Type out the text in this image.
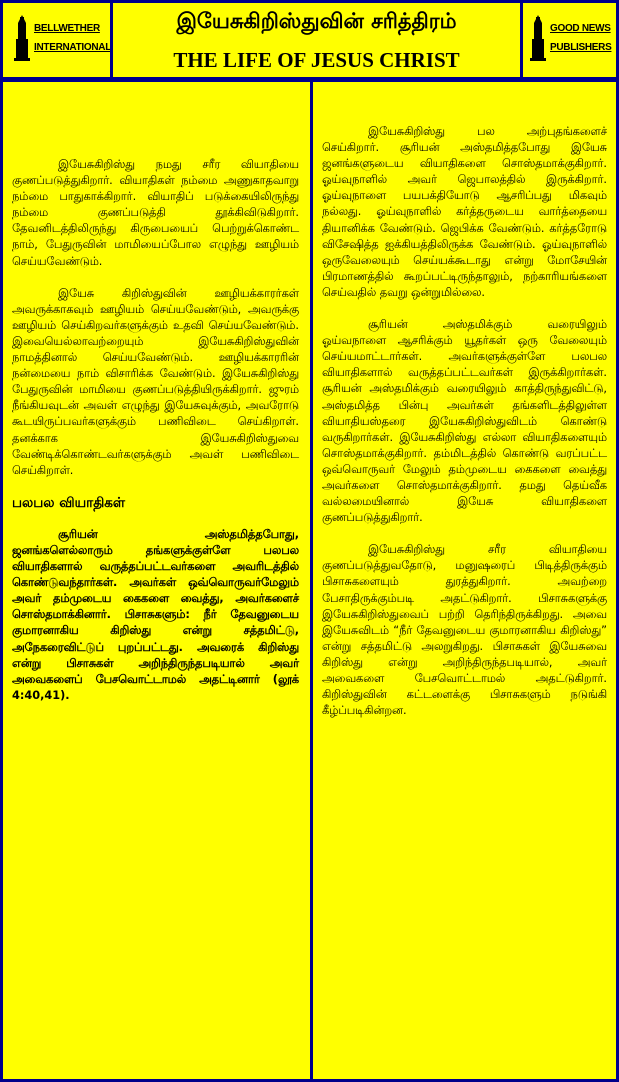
BELLWETHER
INTERNATIONAL
இயேசுகிறிஸ்துவின் சரித்திரம்
THE LIFE OF JESUS CHRIST
GOOD NEWS
PUBLISHERS

இயேசுகிறிஸ்து நமது சரீர வியாதியை குணப்படுத்துகிறார். வியாதிகள் நம்மை அணுகாதவாறு நம்மை பாதுகாக்கிறார். வியாதிப் படுக்கையிலிருந்து நம்மை குணப்படுத்தி தூக்கிவிடுகிறார். தேவனிடத்திலிருந்து கிருபையைப் பெற்றுக்கொண்ட நாம், பேதுருவின் மாமியைப்போல எழுந்து ஊழியம் செய்யவேண்டும்.

இயேசு கிறிஸ்துவின் ஊழியக்காரர்கள் அவருக்காகவும் ஊழியம் செய்யவேண்டும், அவருக்கு ஊழியம் செய்கிறவர்களுக்கும் உதவி செய்யவேண்டும். இவையெல்லாவற்றையும் இயேசுகிறிஸ்துவின் நாமத்தினால் செய்யவேண்டும். ஊழியக்காரரின் நன்மையை நாம் விசாரிக்க வேண்டும். இயேசுகிறிஸ்து பேதுருவின் மாமியை குணப்படுத்தியிருக்கிறார். ஜுரம் நீங்கியவுடன் அவள் எழுந்து இயேசுவுக்கும், அவரோடு கூடயிருப்பவர்களுக்கும் பணிவிடை செய்கிறாள். தனக்காக இயேசுகிறிஸ்துவை வேண்டிக்கொண்டவர்களுக்கும் அவள் பணிவிடை செய்கிறாள்.

பலபல வியாதிகள்

சூரியன் அஸ்தமித்தபோது, ஜனங்களெல்லாரும் தங்களுக்குள்ளே பலபல வியாதிகளால் வருத்தப்பட்டவர்களை அவரிடத்தில் கொண்டுவந்தார்கள். அவர்கள் ஒவ்வொருவர்மேலும் அவர் தம்முடைய கைகளை வைத்து, அவர்களைச் சொஸ்தமாக்கினார். பிசாசுகளும்: நீர் தேவனுடைய குமாரனாகிய கிறிஸ்து என்று சத்தமிட்டு, அநேகரைவிட்டுப் புறப்பட்டது. அவரைக் கிறிஸ்து என்று பிசாசுகள் அறிந்திருந்தபடியால் அவர் அவைகளைப் பேசவொட்டாமல் அதட்டினார் (லூக் 4:40,41).

இயேசுகிறிஸ்து பல அற்புதங்களைச் செய்கிறார். சூரியன் அஸ்தமித்தபோது இயேசு ஜனங்களுடைய வியாதிகளை சொஸ்தமாக்குகிறார். ஓய்வுநாளில் அவர் ஜெபாலத்தில் இருக்கிறார். ஓய்வுநாளை பயபக்தியோடு ஆசரிப்பது மிகவும் நல்லது. ஓய்வுநாளில் கர்த்தருடைய வார்த்தையை தியானிக்க வேண்டும். ஜெபிக்க வேண்டும். கர்த்தரோடு விசேஷித்த ஐக்கியத்திலிருக்க வேண்டும். ஓய்வுநாளில் ஒருவேலையும் செய்யக்கூடாது என்று மோசேயின் பிரமாணத்தில் கூறப்பட்டிருந்தாலும், நற்காரியங்களை செய்வதில் தவறு ஒன்றுமில்லை.

சூரியன் அஸ்தமிக்கும் வரையிலும் ஓய்வநாளை ஆசரிக்கும் யூதர்கள் ஒரு வேலையும் செய்யமாட்டார்கள். அவர்களுக்குள்ளே பலபல வியாதிகளால் வருத்தப்பட்டவர்கள் இருக்கிறார்கள். சூரியன் அஸ்தமிக்கும் வரையிலும் காத்திருந்துவிட்டு, அஸ்தமித்த பின்பு அவர்கள் தங்களிடத்திலுள்ள வியாதியஸ்தரை இயேசுகிறிஸ்துவிடம் கொண்டு வருகிறார்கள். இயேசுகிறிஸ்து எல்லா வியாதிகளையும் சொஸ்தமாக்குகிறார். தம்மிடத்தில் கொண்டு வரப்பட்ட ஒவ்வொருவர் மேலும் தம்முடைய கைகளை வைத்து அவர்களை சொஸ்தமாக்குகிறார். தமது தெய்வீக வல்லமையினால் இயேசு வியாதிகளை குணப்படுத்துகிறார்.

இயேசுகிறிஸ்து சரீர வியாதியை குணப்படுத்துவதோடு, மனுஷரைப் பிடித்திருக்கும் பிசாசுகளையும் துரத்துகிறார். அவற்றை பேசாதிருக்கும்படி அதட்டுகிறார். பிசாசுகளுக்கு இயேசுகிறிஸ்துவைப் பற்றி தெரிந்திருக்கிறது. அவை இயேசுவிடம் “நீர் தேவனுடைய குமாரனாகிய கிறிஸ்து” என்று சத்தமிட்டு அலறுகிறது. பிசாசுகள் இயேசுவை கிறிஸ்து என்று அறிந்திருந்தபடியால், அவர் அவைகளை பேசவொட்டாமல் அதட்டுகிறார். கிறிஸ்துவின் கட்டளைக்கு பிசாசுகளும் நடுங்கி கீழ்ப்படிகின்றன.
